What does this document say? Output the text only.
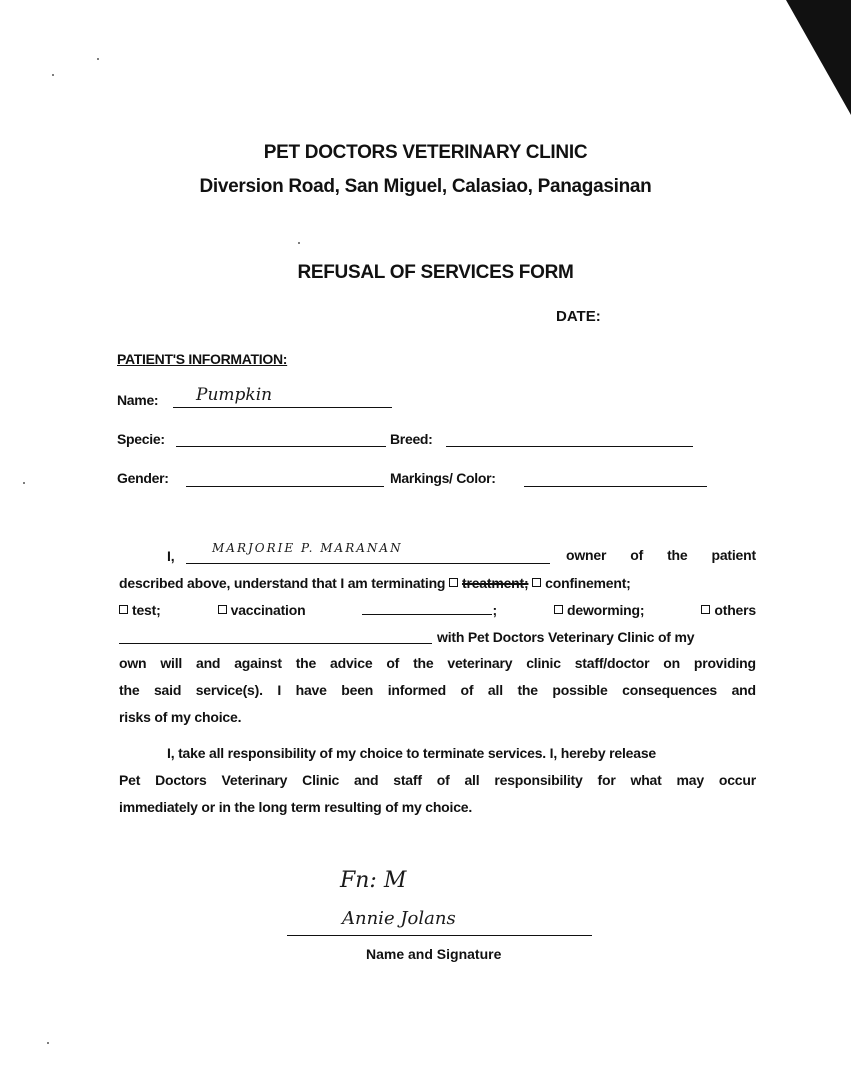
PET DOCTORS VETERINARY CLINIC
Diversion Road, San Miguel, Calasiao, Panagasinan
REFUSAL OF SERVICES FORM
DATE:
PATIENT'S INFORMATION:
Name: Pumpkin
Specie:	Breed:
Gender:	Markings/ Color:
I,	MARJORIE P. MARANAN	owner of the patient
described above, understand that I am terminating treatment; confinement;
test;	vaccination	;	deworming;	others
with Pet Doctors Veterinary Clinic of my
own will and against the advice of the veterinary clinic staff/doctor on providing
the said service(s). I have been informed of all the possible consequences and
risks of my choice.
I, take all responsibility of my choice to terminate services. I, hereby release
Pet Doctors Veterinary Clinic and staff of all responsibility for what may occur
immediately or in the long term resulting of my choice.
Fn: M
Annie Jolans
Name and Signature
